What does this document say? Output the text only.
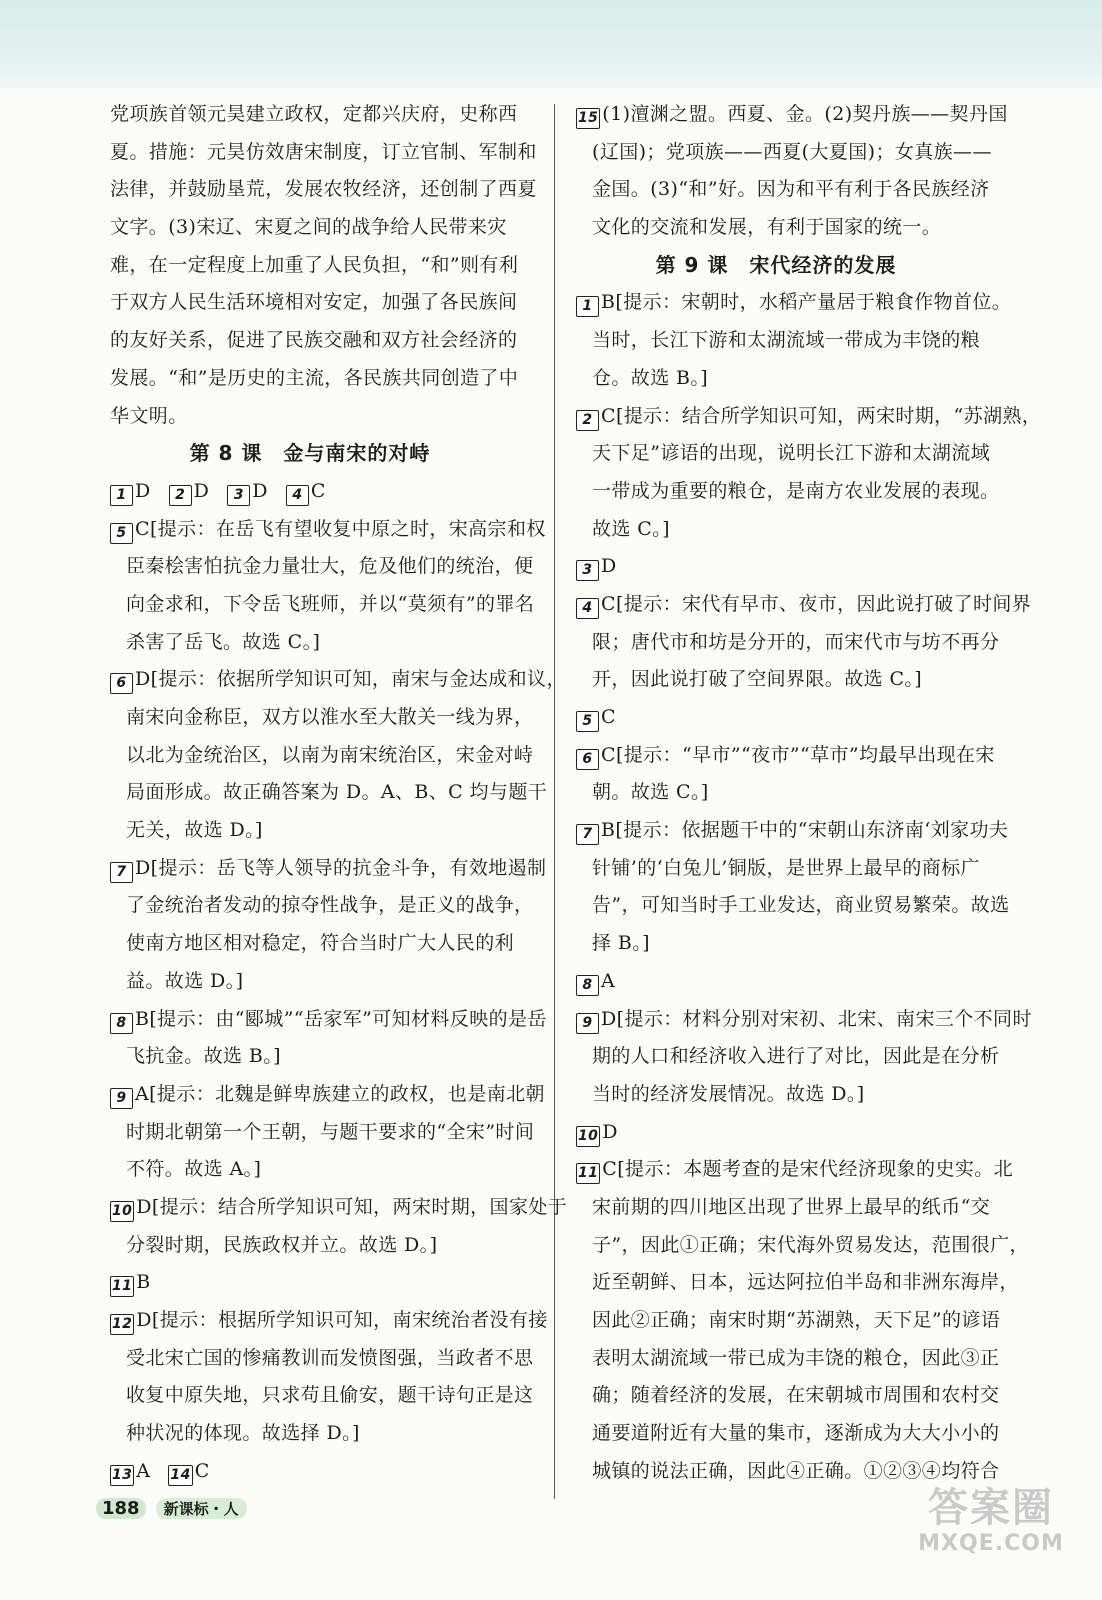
党项族首领元昊建立政权，定都兴庆府，史称西
夏。措施：元昊仿效唐宋制度，订立官制、军制和
法律，并鼓励垦荒，发展农牧经济，还创制了西夏
文字。(3)宋辽、宋夏之间的战争给人民带来灾
难，在一定程度上加重了人民负担，“和”则有利
于双方人民生活环境相对安定，加强了各民族间
的友好关系，促进了民族交融和双方社会经济的
发展。“和”是历史的主流，各民族共同创造了中
华文明。
第 8 课　金与南宋的对峙
1 D 2 D 3 D 4 C
5 C[提示：在岳飞有望收复中原之时，宋高宗和权
臣秦桧害怕抗金力量壮大，危及他们的统治，便
向金求和，下令岳飞班师，并以“莫须有”的罪名
杀害了岳飞。故选 C。]
6 D[提示：依据所学知识可知，南宋与金达成和议，
南宋向金称臣，双方以淮水至大散关一线为界，
以北为金统治区，以南为南宋统治区，宋金对峙
局面形成。故正确答案为 D。A、B、C 均与题干
无关，故选 D。]
7 D[提示：岳飞等人领导的抗金斗争，有效地遏制
了金统治者发动的掠夺性战争，是正义的战争，
使南方地区相对稳定，符合当时广大人民的利
益。故选 D。]
8 B[提示：由“郾城”“岳家军”可知材料反映的是岳
飞抗金。故选 B。]
9 A[提示：北魏是鲜卑族建立的政权，也是南北朝
时期北朝第一个王朝，与题干要求的“全宋”时间
不符。故选 A。]
10 D[提示：结合所学知识可知，两宋时期，国家处于
分裂时期，民族政权并立。故选 D。]
11 B
12 D[提示：根据所学知识可知，南宋统治者没有接
受北宋亡国的惨痛教训而发愤图强，当政者不思
收复中原失地，只求苟且偷安，题干诗句正是这
种状况的体现。故选择 D。]
13 A 14 C
15 (1)澶渊之盟。西夏、金。(2)契丹族——契丹国
(辽国)；党项族——西夏(大夏国)；女真族——
金国。(3)“和”好。因为和平有利于各民族经济
文化的交流和发展，有利于国家的统一。
第 9 课　宋代经济的发展
1 B[提示：宋朝时，水稻产量居于粮食作物首位。
当时，长江下游和太湖流域一带成为丰饶的粮
仓。故选 B。]
2 C[提示：结合所学知识可知，两宋时期，“苏湖熟，
天下足”谚语的出现，说明长江下游和太湖流域
一带成为重要的粮仓，是南方农业发展的表现。
故选 C。]
3 D
4 C[提示：宋代有早市、夜市，因此说打破了时间界
限；唐代市和坊是分开的，而宋代市与坊不再分
开，因此说打破了空间界限。故选 C。]
5 C
6 C[提示：“早市”“夜市”“草市”均最早出现在宋
朝。故选 C。]
7 B[提示：依据题干中的“宋朝山东济南‘刘家功夫
针铺’的‘白兔儿’铜版，是世界上最早的商标广
告”，可知当时手工业发达，商业贸易繁荣。故选
择 B。]
8 A
9 D[提示：材料分别对宋初、北宋、南宋三个不同时
期的人口和经济收入进行了对比，因此是在分析
当时的经济发展情况。故选 D。]
10 D
11 C[提示：本题考查的是宋代经济现象的史实。北
宋前期的四川地区出现了世界上最早的纸币“交
子”，因此①正确；宋代海外贸易发达，范围很广，
近至朝鲜、日本，远达阿拉伯半岛和非洲东海岸，
因此②正确；南宋时期“苏湖熟，天下足”的谚语
表明太湖流域一带已成为丰饶的粮仓，因此③正
确；随着经济的发展，在宋朝城市周围和农村交
通要道附近有大量的集市，逐渐成为大大小小的
城镇的说法正确，因此④正确。①②③④均符合
188	新课标・人	答案圈
MXQE.COM
